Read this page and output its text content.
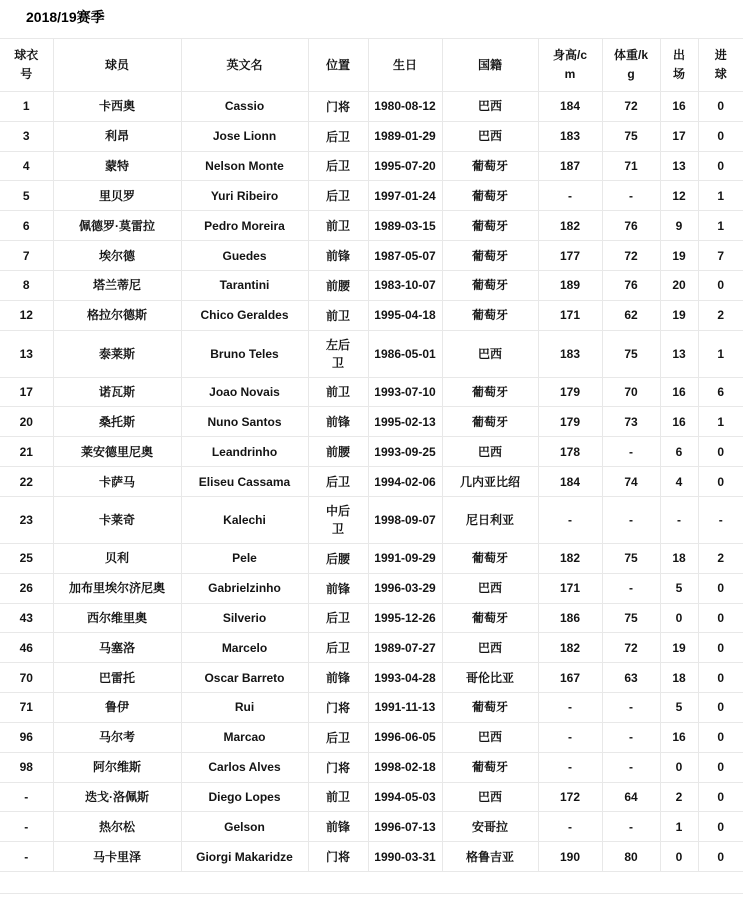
2018/19赛季
球衣号	球员	英文名	位置	生日	国籍	身高/cm	体重/kg	出场	进球
1	卡西奥	Cassio	门将	1980-08-12	巴西	184	72	16	0
3	利昂	Jose Lionn	后卫	1989-01-29	巴西	183	75	17	0
4	蒙特	Nelson Monte	后卫	1995-07-20	葡萄牙	187	71	13	0
5	里贝罗	Yuri Ribeiro	后卫	1997-01-24	葡萄牙	-	-	12	1
6	佩德罗·莫雷拉	Pedro Moreira	前卫	1989-03-15	葡萄牙	182	76	9	1
7	埃尔德	Guedes	前锋	1987-05-07	葡萄牙	177	72	19	7
8	塔兰蒂尼	Tarantini	前腰	1983-10-07	葡萄牙	189	76	20	0
12	格拉尔德斯	Chico Geraldes	前卫	1995-04-18	葡萄牙	171	62	19	2
13	泰莱斯	Bruno Teles	左后卫	1986-05-01	巴西	183	75	13	1
17	诺瓦斯	Joao Novais	前卫	1993-07-10	葡萄牙	179	70	16	6
20	桑托斯	Nuno Santos	前锋	1995-02-13	葡萄牙	179	73	16	1
21	莱安德里尼奥	Leandrinho	前腰	1993-09-25	巴西	178	-	6	0
22	卡萨马	Eliseu Cassama	后卫	1994-02-06	几内亚比绍	184	74	4	0
23	卡莱奇	Kalechi	中后卫	1998-09-07	尼日利亚	-	-	-	-
25	贝利	Pele	后腰	1991-09-29	葡萄牙	182	75	18	2
26	加布里埃尔济尼奥	Gabrielzinho	前锋	1996-03-29	巴西	171	-	5	0
43	西尔维里奥	Silverio	后卫	1995-12-26	葡萄牙	186	75	0	0
46	马塞洛	Marcelo	后卫	1989-07-27	巴西	182	72	19	0
70	巴雷托	Oscar Barreto	前锋	1993-04-28	哥伦比亚	167	63	18	0
71	鲁伊	Rui	门将	1991-11-13	葡萄牙	-	-	5	0
96	马尔考	Marcao	后卫	1996-06-05	巴西	-	-	16	0
98	阿尔维斯	Carlos Alves	门将	1998-02-18	葡萄牙	-	-	0	0
-	迭戈·洛佩斯	Diego Lopes	前卫	1994-05-03	巴西	172	64	2	0
-	热尔松	Gelson	前锋	1996-07-13	安哥拉	-	-	1	0
-	马卡里泽	Giorgi Makaridze	门将	1990-03-31	格鲁吉亚	190	80	0	0
